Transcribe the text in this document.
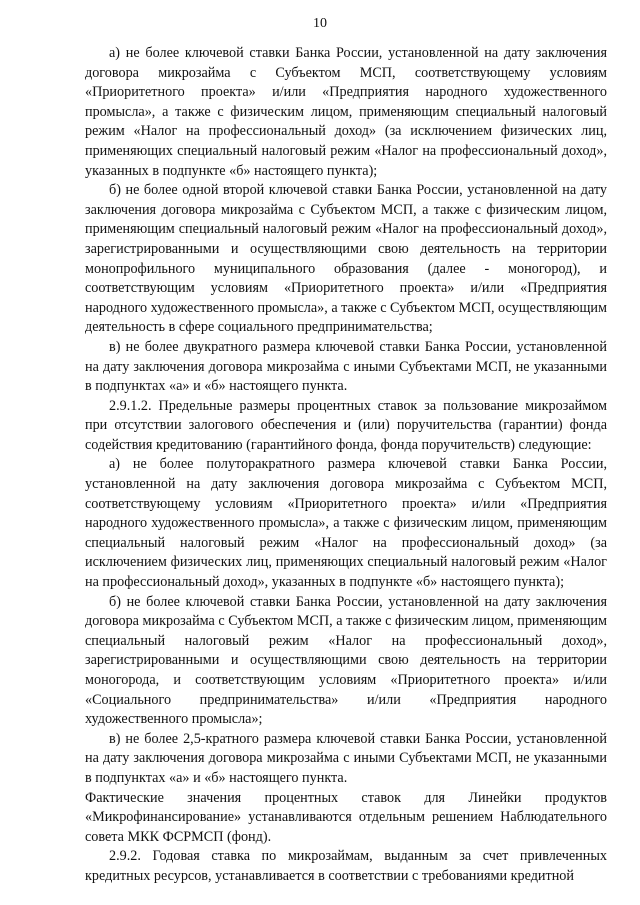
10

а) не более ключевой ставки Банка России, установленной на дату заключения договора микрозайма с Субъектом МСП, соответствующему условиям «Приоритетного проекта» и/или «Предприятия народного художественного промысла», а также с физическим лицом, применяющим специальный налоговый режим «Налог на профессиональный доход» (за исключением физических лиц, применяющих специальный налоговый режим «Налог на профессиональный доход», указанных в подпункте «б» настоящего пункта);

б) не более одной второй ключевой ставки Банка России, установленной на дату заключения договора микрозайма с Субъектом МСП, а также с физическим лицом, применяющим специальный налоговый режим «Налог на профессиональный доход», зарегистрированными и осуществляющими свою деятельность на территории монопрофильного муниципального образования (далее - моногород), и соответствующим условиям «Приоритетного проекта» и/или «Предприятия народного художественного промысла», а также с Субъектом МСП, осуществляющим деятельность в сфере социального предпринимательства;

в) не более двукратного размера ключевой ставки Банка России, установленной на дату заключения договора микрозайма с иными Субъектами МСП, не указанными в подпунктах «а» и «б» настоящего пункта.

2.9.1.2. Предельные размеры процентных ставок за пользование микрозаймом при отсутствии залогового обеспечения и (или) поручительства (гарантии) фонда содействия кредитованию (гарантийного фонда, фонда поручительств) следующие:

а) не более полуторакратного размера ключевой ставки Банка России, установленной на дату заключения договора микрозайма с Субъектом МСП, соответствующему условиям «Приоритетного проекта» и/или «Предприятия народного художественного промысла», а также с физическим лицом, применяющим специальный налоговый режим «Налог на профессиональный доход» (за исключением физических лиц, применяющих специальный налоговый режим «Налог на профессиональный доход», указанных в подпункте «б» настоящего пункта);

б) не более ключевой ставки Банка России, установленной на дату заключения договора микрозайма с Субъектом МСП, а также с физическим лицом, применяющим специальный налоговый режим «Налог на профессиональный доход», зарегистрированными и осуществляющими свою деятельность на территории моногорода, и соответствующим условиям «Приоритетного проекта» и/или «Социального предпринимательства» и/или «Предприятия народного художественного промысла»;

в) не более 2,5-кратного размера ключевой ставки Банка России, установленной на дату заключения договора микрозайма с иными Субъектами МСП, не указанными в подпунктах «а» и «б» настоящего пункта.

Фактические значения процентных ставок для Линейки продуктов «Микрофинансирование» устанавливаются отдельным решением Наблюдательного совета МКК ФСРМСП (фонд).

2.9.2. Годовая ставка по микрозаймам, выданным за счет привлеченных кредитных ресурсов, устанавливается в соответствии с требованиями кредитной
